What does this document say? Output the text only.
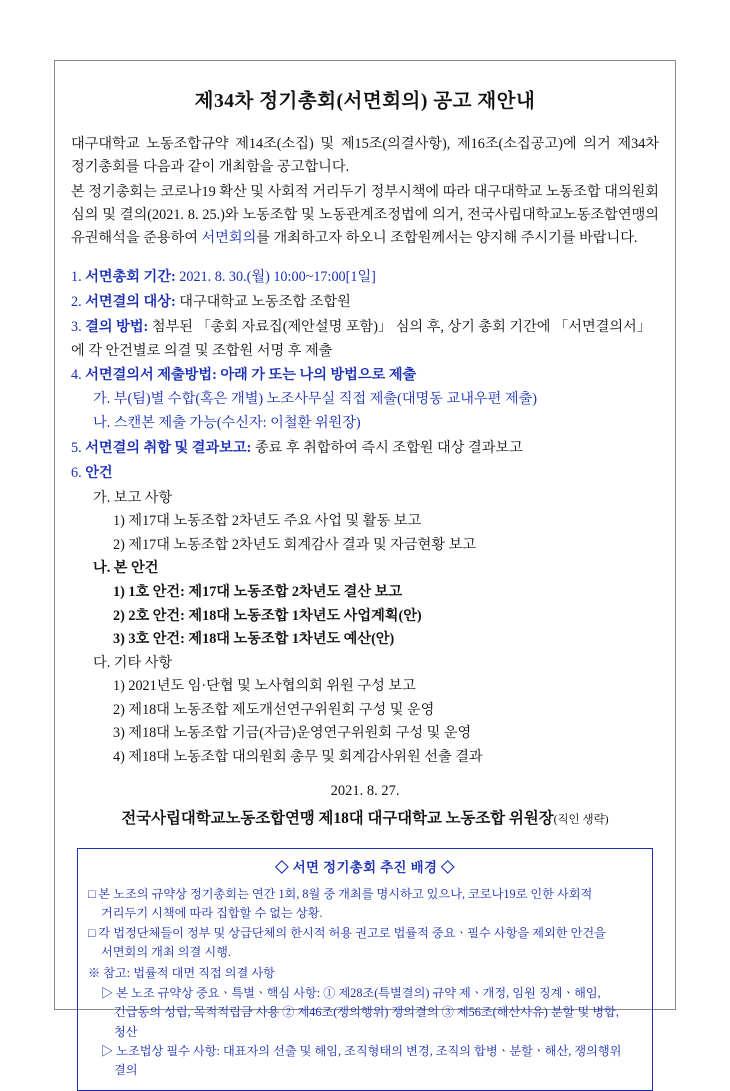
제34차 정기총회(서면회의) 공고 재안내

대구대학교 노동조합규약 제14조(소집) 및 제15조(의결사항), 제16조(소집공고)에 의거 제34차 정기총회를 다음과 같이 개최함을 공고합니다.

본 정기총회는 코로나19 확산 및 사회적 거리두기 정부시책에 따라 대구대학교 노동조합 대의원회 심의 및 결의(2021. 8. 25.)와 노동조합 및 노동관계조정법에 의거, 전국사립대학교노동조합연맹의 유권해석을 준용하여 서면회의를 개최하고자 하오니 조합원께서는 양지해 주시기를 바랍니다.

1. 서면총회 기간: 2021. 8. 30.(월) 10:00~17:00[1일]
2. 서면결의 대상: 대구대학교 노동조합 조합원
3. 결의 방법: 첨부된 「총회 자료집(제안설명 포함)」 심의 후, 상기 총회 기간에 「서면결의서」에 각 안건별로 의결 및 조합원 서명 후 제출
4. 서면결의서 제출방법: 아래 가 또는 나의 방법으로 제출
가. 부(팀)별 수합(혹은 개별) 노조사무실 직접 제출(대명동 교내우편 제출)
나. 스캔본 제출 가능(수신자: 이철환 위원장)
5. 서면결의 취합 및 결과보고: 종료 후 취합하여 즉시 조합원 대상 결과보고
6. 안건
가. 보고 사항
1) 제17대 노동조합 2차년도 주요 사업 및 활동 보고
2) 제17대 노동조합 2차년도 회계감사 결과 및 자금현황 보고
나. 본 안건
1) 1호 안건: 제17대 노동조합 2차년도 결산 보고
2) 2호 안건: 제18대 노동조합 1차년도 사업계획(안)
3) 3호 안건: 제18대 노동조합 1차년도 예산(안)
다. 기타 사항
1) 2021년도 임·단협 및 노사협의회 위원 구성 보고
2) 제18대 노동조합 제도개선연구위원회 구성 및 운영
3) 제18대 노동조합 기금(자금)운영연구위원회 구성 및 운영
4) 제18대 노동조합 대의원회 총무 및 회계감사위원 선출 결과
2021. 8. 27.
전국사립대학교노동조합연맹 제18대 대구대학교 노동조합 위원장(직인 생략)
◇ 서면 정기총회 추진 배경 ◇
□ 본 노조의 규약상 정기총회는 연간 1회, 8월 중 개최를 명시하고 있으나, 코로나19로 인한 사회적 거리두기 시책에 따라 집합할 수 없는 상황.
□ 각 법정단체들이 정부 및 상급단체의 한시적 허용 권고로 법률적 중요ㆍ필수 사항을 제외한 안건을 서면회의 개최 의결 시행.
※ 참고: 법률적 대면 직접 의결 사항
▷ 본 노조 규약상 중요ㆍ특별ㆍ핵심 사항: ① 제28조(특별결의) 규약 제ㆍ개정, 임원 징계ㆍ해임, 긴급동의 성립, 목적적립금 사용 ② 제46조(쟁의행위) 쟁의결의 ③ 제56조(해산사유) 분할 및 병합, 청산
▷ 노조법상 필수 사항: 대표자의 선출 및 해임, 조직형태의 변경, 조직의 합병ㆍ분할ㆍ해산, 쟁의행위 결의
